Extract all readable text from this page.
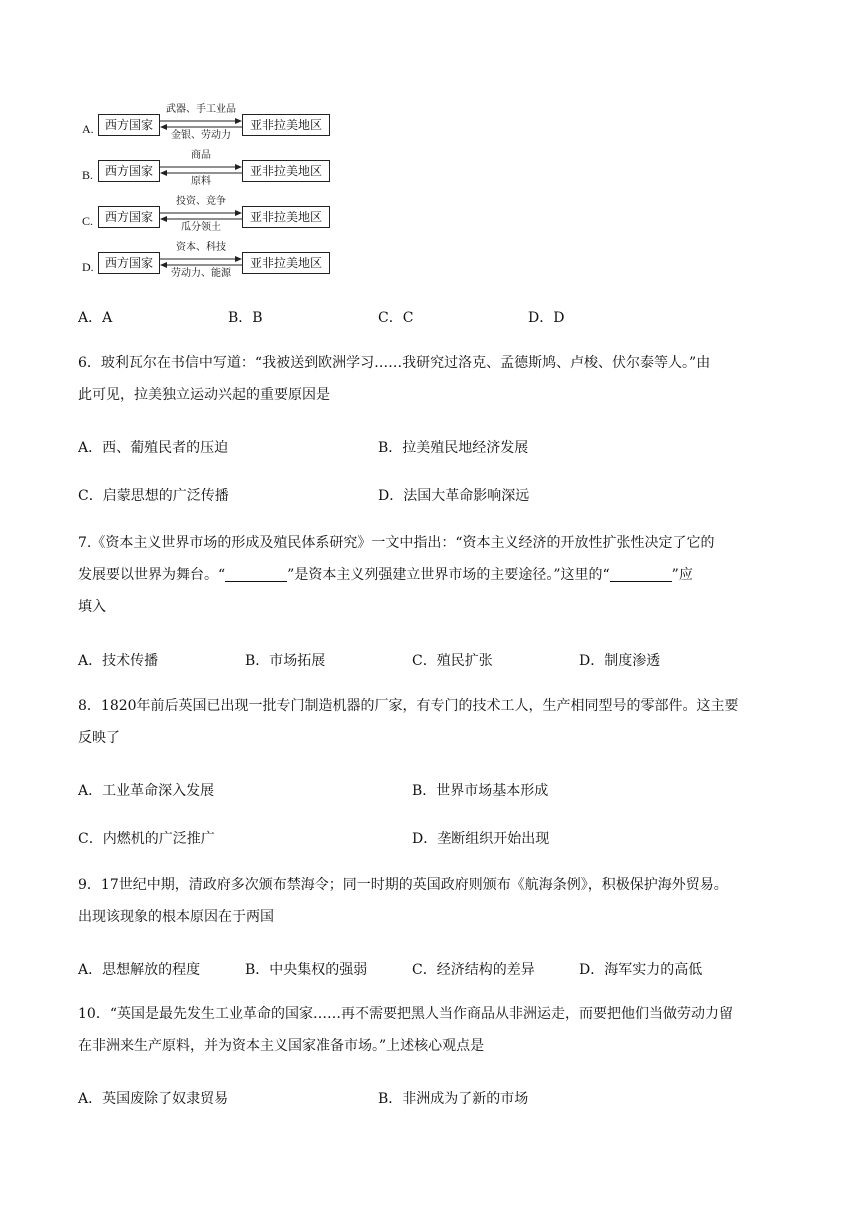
A. 西方国家
武器、手工业品
金银、劳动力
亚非拉美地区
B. 西方国家
商品
原料
亚非拉美地区
C. 西方国家
投资、竞争
瓜分领土
亚非拉美地区
D. 西方国家
资本、科技
劳动力、能源
亚非拉美地区
A．A	B．B	C．C	D．D
6．玻利瓦尔在书信中写道：“我被送到欧洲学习……我研究过洛克、孟德斯鸠、卢梭、伏尔泰等人。”由
此可见，拉美独立运动兴起的重要原因是
A．西、葡殖民者的压迫	B．拉美殖民地经济发展
C．启蒙思想的广泛传播	D．法国大革命影响深远
7.《资本主义世界市场的形成及殖民体系研究》一文中指出：“资本主义经济的开放性扩张性决定了它的
发展要以世界为舞台。“	”是资本主义列强建立世界市场的主要途径。”这里的“	”应
填入
A．技术传播	B．市场拓展	C．殖民扩张	D．制度渗透
8．1820年前后英国已出现一批专门制造机器的厂家，有专门的技术工人，生产相同型号的零部件。这主要
反映了
A．工业革命深入发展	B．世界市场基本形成
C．内燃机的广泛推广	D．垄断组织开始出现
9．17世纪中期，清政府多次颁布禁海令；同一时期的英国政府则颁布《航海条例》，积极保护海外贸易。
出现该现象的根本原因在于两国
A．思想解放的程度	B．中央集权的强弱	C．经济结构的差异	D．海军实力的高低
10．“英国是最先发生工业革命的国家……再不需要把黑人当作商品从非洲运走，而要把他们当做劳动力留
在非洲来生产原料，并为资本主义国家准备市场。”上述核心观点是
A．英国废除了奴隶贸易	B．非洲成为了新的市场
